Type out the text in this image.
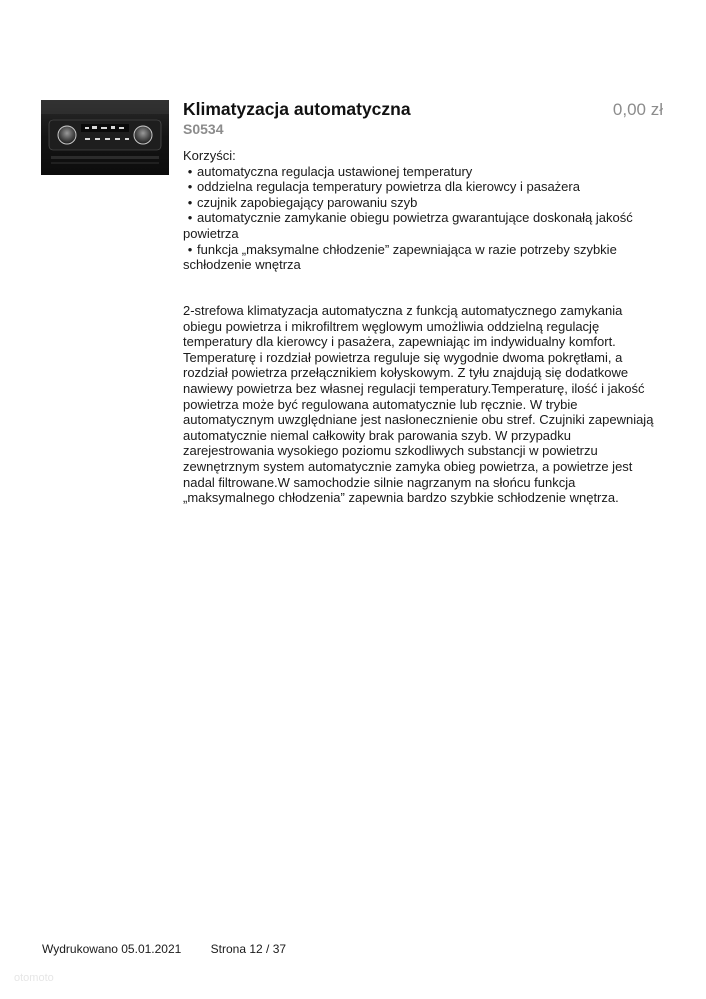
Klimatyzacja automatyczna
S0534
0,00 zł
Korzyści:
• automatyczna regulacja ustawionej temperatury
• oddzielna regulacja temperatury powietrza dla kierowcy i pasażera
• czujnik zapobiegający parowaniu szyb
• automatycznie zamykanie obiegu powietrza gwarantujące doskonałą jakość powietrza
• funkcja „maksymalne chłodzenie” zapewniająca w razie potrzeby szybkie schłodzenie wnętrza

2-strefowa klimatyzacja automatyczna z funkcją automatycznego zamykania obiegu powietrza i mikrofiltrem węglowym umożliwia oddzielną regulację temperatury dla kierowcy i pasażera, zapewniając im indywidualny komfort. Temperaturę i rozdział powietrza reguluje się wygodnie dwoma pokrętłami, a rozdział powietrza przełącznikiem kołyskowym. Z tyłu znajdują się dodatkowe nawiewy powietrza bez własnej regulacji temperatury.Temperaturę, ilość i jakość powietrza może być regulowana automatycznie lub ręcznie. W trybie automatycznym uwzględniane jest nasłonecznienie obu stref. Czujniki zapewniają automatycznie niemal całkowity brak parowania szyb. W przypadku zarejestrowania wysokiego poziomu szkodliwych substancji w powietrzu zewnętrznym system automatycznie zamyka obieg powietrza, a powietrze jest nadal filtrowane.W samochodzie silnie nagrzanym na słońcu funkcja „maksymalnego chłodzenia” zapewnia bardzo szybkie schłodzenie wnętrza.

Wydrukowano 05.01.2021 Strona 12 / 37
otomoto
